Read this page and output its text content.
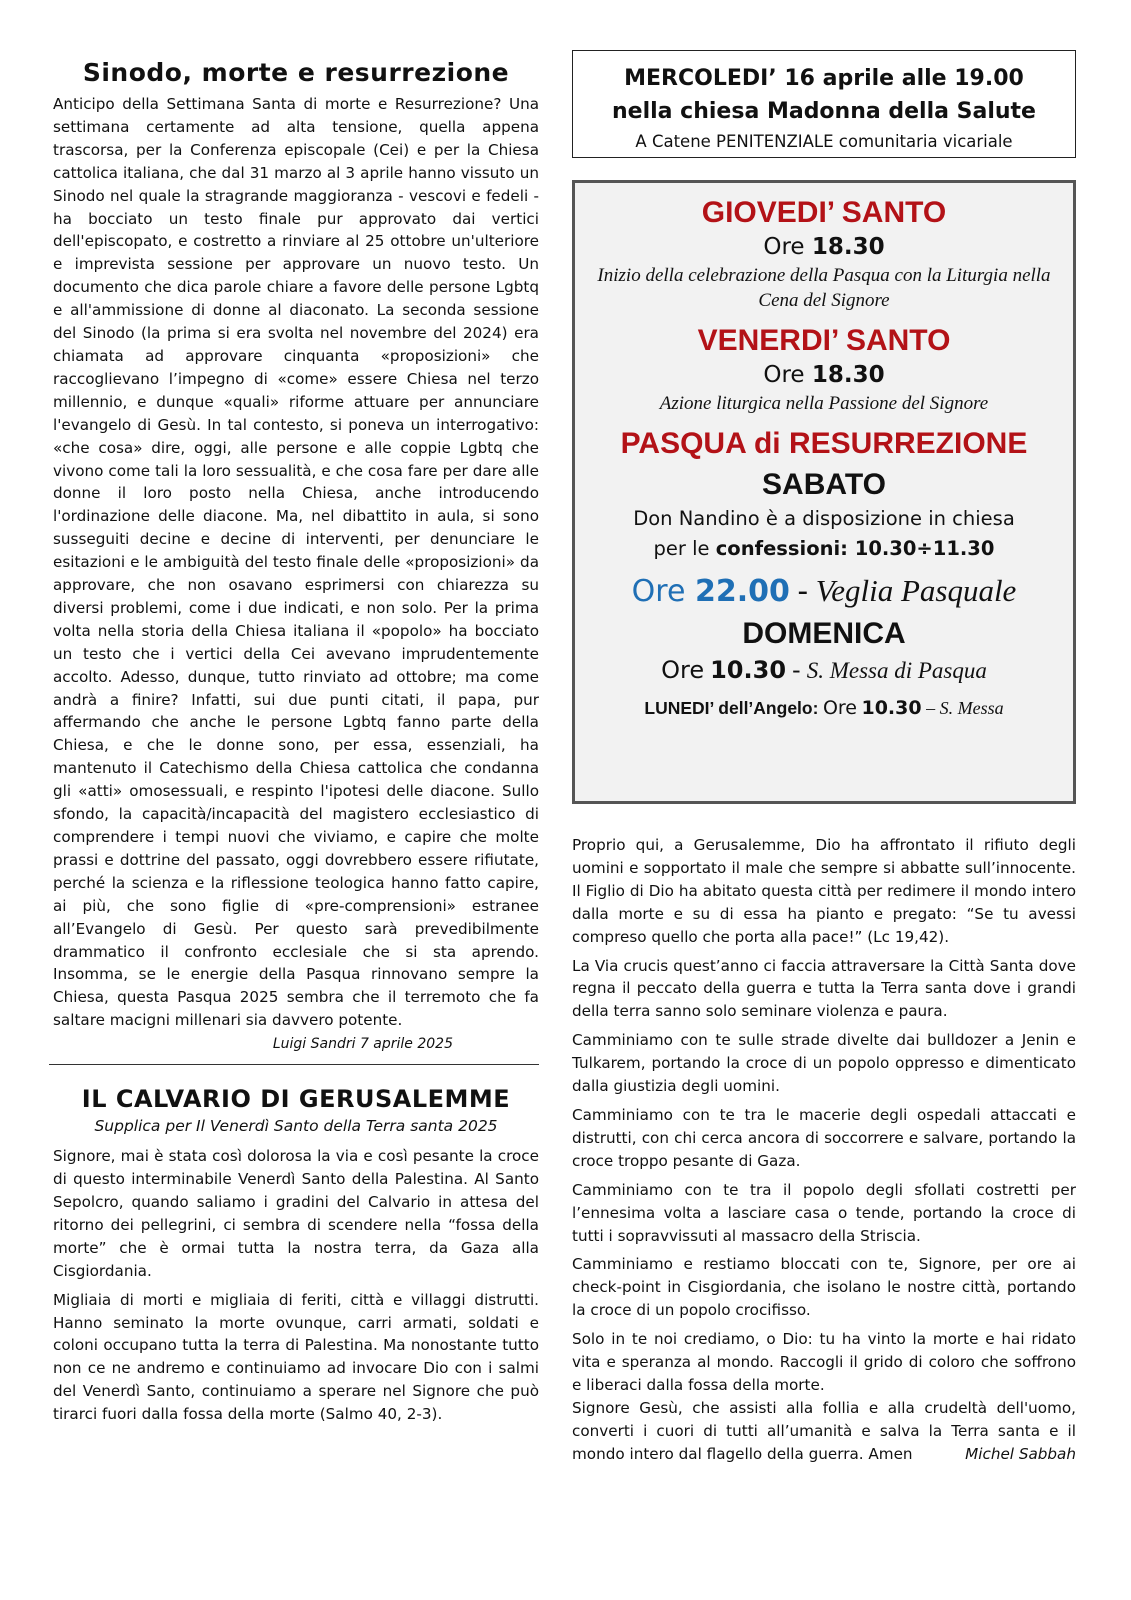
Sinodo, morte e resurrezione

Anticipo della Settimana Santa di morte e Resurrezione? Una settimana certamente ad alta tensione, quella appena trascorsa, per la Conferenza episcopale (Cei) e per la Chiesa cattolica italiana, che dal 31 marzo al 3 aprile hanno vissuto un Sinodo nel quale la stragrande maggioranza - vescovi e fedeli - ha bocciato un testo finale pur approvato dai vertici dell'episcopato, e costretto a rinviare al 25 ottobre un'ulteriore e imprevista sessione per approvare un nuovo testo. Un documento che dica parole chiare a favore delle persone Lgbtq e all'ammissione di donne al diaconato. La seconda sessione del Sinodo (la prima si era svolta nel novembre del 2024) era chiamata ad approvare cinquanta «proposizioni» che raccoglievano l’impegno di «come» essere Chiesa nel terzo millennio, e dunque «quali» riforme attuare per annunciare l'evangelo di Gesù. In tal contesto, si poneva un interrogativo: «che cosa» dire, oggi, alle persone e alle coppie Lgbtq che vivono come tali la loro sessualità, e che cosa fare per dare alle donne il loro posto nella Chiesa, anche introducendo l'ordinazione delle diacone. Ma, nel dibattito in aula, si sono susseguiti decine e decine di interventi, per denunciare le esitazioni e le ambiguità del testo finale delle «proposizioni» da approvare, che non osavano esprimersi con chiarezza su diversi problemi, come i due indicati, e non solo. Per la prima volta nella storia della Chiesa italiana il «popolo» ha bocciato un testo che i vertici della Cei avevano imprudentemente accolto. Adesso, dunque, tutto rinviato ad ottobre; ma come andrà a finire? Infatti, sui due punti citati, il papa, pur affermando che anche le persone Lgbtq fanno parte della Chiesa, e che le donne sono, per essa, essenziali, ha mantenuto il Catechismo della Chiesa cattolica che condanna gli «atti» omosessuali, e respinto l'ipotesi delle diacone. Sullo sfondo, la capacità/incapacità del magistero ecclesiastico di comprendere i tempi nuovi che viviamo, e capire che molte prassi e dottrine del passato, oggi dovrebbero essere rifiutate, perché la scienza e la riflessione teologica hanno fatto capire, ai più, che sono figlie di «pre-comprensioni» estranee all’Evangelo di Gesù. Per questo sarà prevedibilmente drammatico il confronto ecclesiale che si sta aprendo. Insomma, se le energie della Pasqua rinnovano sempre la Chiesa, questa Pasqua 2025 sembra che il terremoto che fa saltare macigni millenari sia davvero potente.

Luigi Sandri 7 aprile 2025
IL CALVARIO DI GERUSALEMME
Supplica per Il Venerdì Santo della Terra santa 2025

Signore, mai è stata così dolorosa la via e così pesante la croce di questo interminabile Venerdì Santo della Palestina. Al Santo Sepolcro, quando saliamo i gradini del Calvario in attesa del ritorno dei pellegrini, ci sembra di scendere nella “fossa della morte” che è ormai tutta la nostra terra, da Gaza alla Cisgiordania.

Migliaia di morti e migliaia di feriti, città e villaggi distrutti. Hanno seminato la morte ovunque, carri armati, soldati e coloni occupano tutta la terra di Palestina. Ma nonostante tutto non ce ne andremo e continuiamo ad invocare Dio con i salmi del Venerdì Santo, continuiamo a sperare nel Signore che può tirarci fuori dalla fossa della morte (Salmo 40, 2-3).

MERCOLEDI’ 16 aprile alle 19.00
nella chiesa Madonna della Salute
A Catene PENITENZIALE comunitaria vicariale
GIOVEDI’ SANTO
Ore 18.30
Inizio della celebrazione della Pasqua con la Liturgia nella Cena del Signore
VENERDI’ SANTO
Ore 18.30
Azione liturgica nella Passione del Signore
PASQUA di RESURREZIONE
SABATO
Don Nandino è a disposizione in chiesa
per le confessioni: 10.30÷11.30
Ore 22.00 - Veglia Pasquale
DOMENICA
Ore 10.30 - S. Messa di Pasqua
LUNEDI’ dell’Angelo: Ore 10.30 – S. Messa

Proprio qui, a Gerusalemme, Dio ha affrontato il rifiuto degli uomini e sopportato il male che sempre si abbatte sull’innocente. Il Figlio di Dio ha abitato questa città per redimere il mondo intero dalla morte e su di essa ha pianto e pregato: “Se tu avessi compreso quello che porta alla pace!” (Lc 19,42).

La Via crucis quest’anno ci faccia attraversare la Città Santa dove regna il peccato della guerra e tutta la Terra santa dove i grandi della terra sanno solo seminare violenza e paura.

Camminiamo con te sulle strade divelte dai bulldozer a Jenin e Tulkarem, portando la croce di un popolo oppresso e dimenticato dalla giustizia degli uomini.

Camminiamo con te tra le macerie degli ospedali attaccati e distrutti, con chi cerca ancora di soccorrere e salvare, portando la croce troppo pesante di Gaza.

Camminiamo con te tra il popolo degli sfollati costretti per l’ennesima volta a lasciare casa o tende, portando la croce di tutti i sopravvissuti al massacro della Striscia.

Camminiamo e restiamo bloccati con te, Signore, per ore ai check-point in Cisgiordania, che isolano le nostre città, portando la croce di un popolo crocifisso.

Solo in te noi crediamo, o Dio: tu ha vinto la morte e hai ridato vita e speranza al mondo. Raccogli il grido di coloro che soffrono e liberaci dalla fossa della morte.

Signore Gesù, che assisti alla follia e alla crudeltà dell'uomo, converti i cuori di tutti all’umanità e salva la Terra santa e il mondo intero dal flagello della guerra. Amen	Michel Sabbah
